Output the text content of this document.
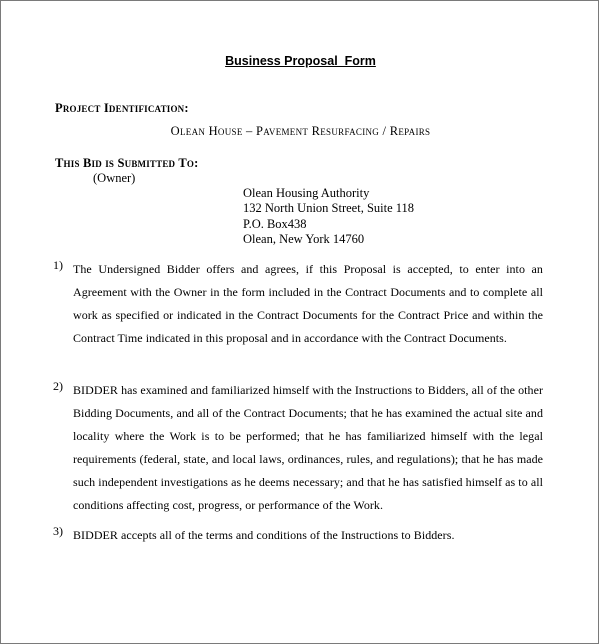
Business Proposal  Form
Project Identification:
Olean House – Pavement Resurfacing / Repairs
This Bid is Submitted To:
(Owner)
Olean Housing Authority
132 North Union Street, Suite 118
P.O. Box438
Olean, New York 14760
1) The Undersigned Bidder offers and agrees, if this Proposal is accepted, to enter into an Agreement with the Owner in the form included in the Contract Documents and to complete all work as specified or indicated in the Contract Documents for the Contract Price and within the Contract Time indicated in this proposal and in accordance with the Contract Documents.
2) BIDDER has examined and familiarized himself with the Instructions to Bidders, all of the other Bidding Documents, and all of the Contract Documents; that he has examined the actual site and locality where the Work is to be performed; that he has familiarized himself with the legal requirements (federal, state, and local laws, ordinances, rules, and regulations); that he has made such independent investigations as he deems necessary; and that he has satisfied himself as to all conditions affecting cost, progress, or performance of the Work.
3) BIDDER accepts all of the terms and conditions of the Instructions to Bidders.
